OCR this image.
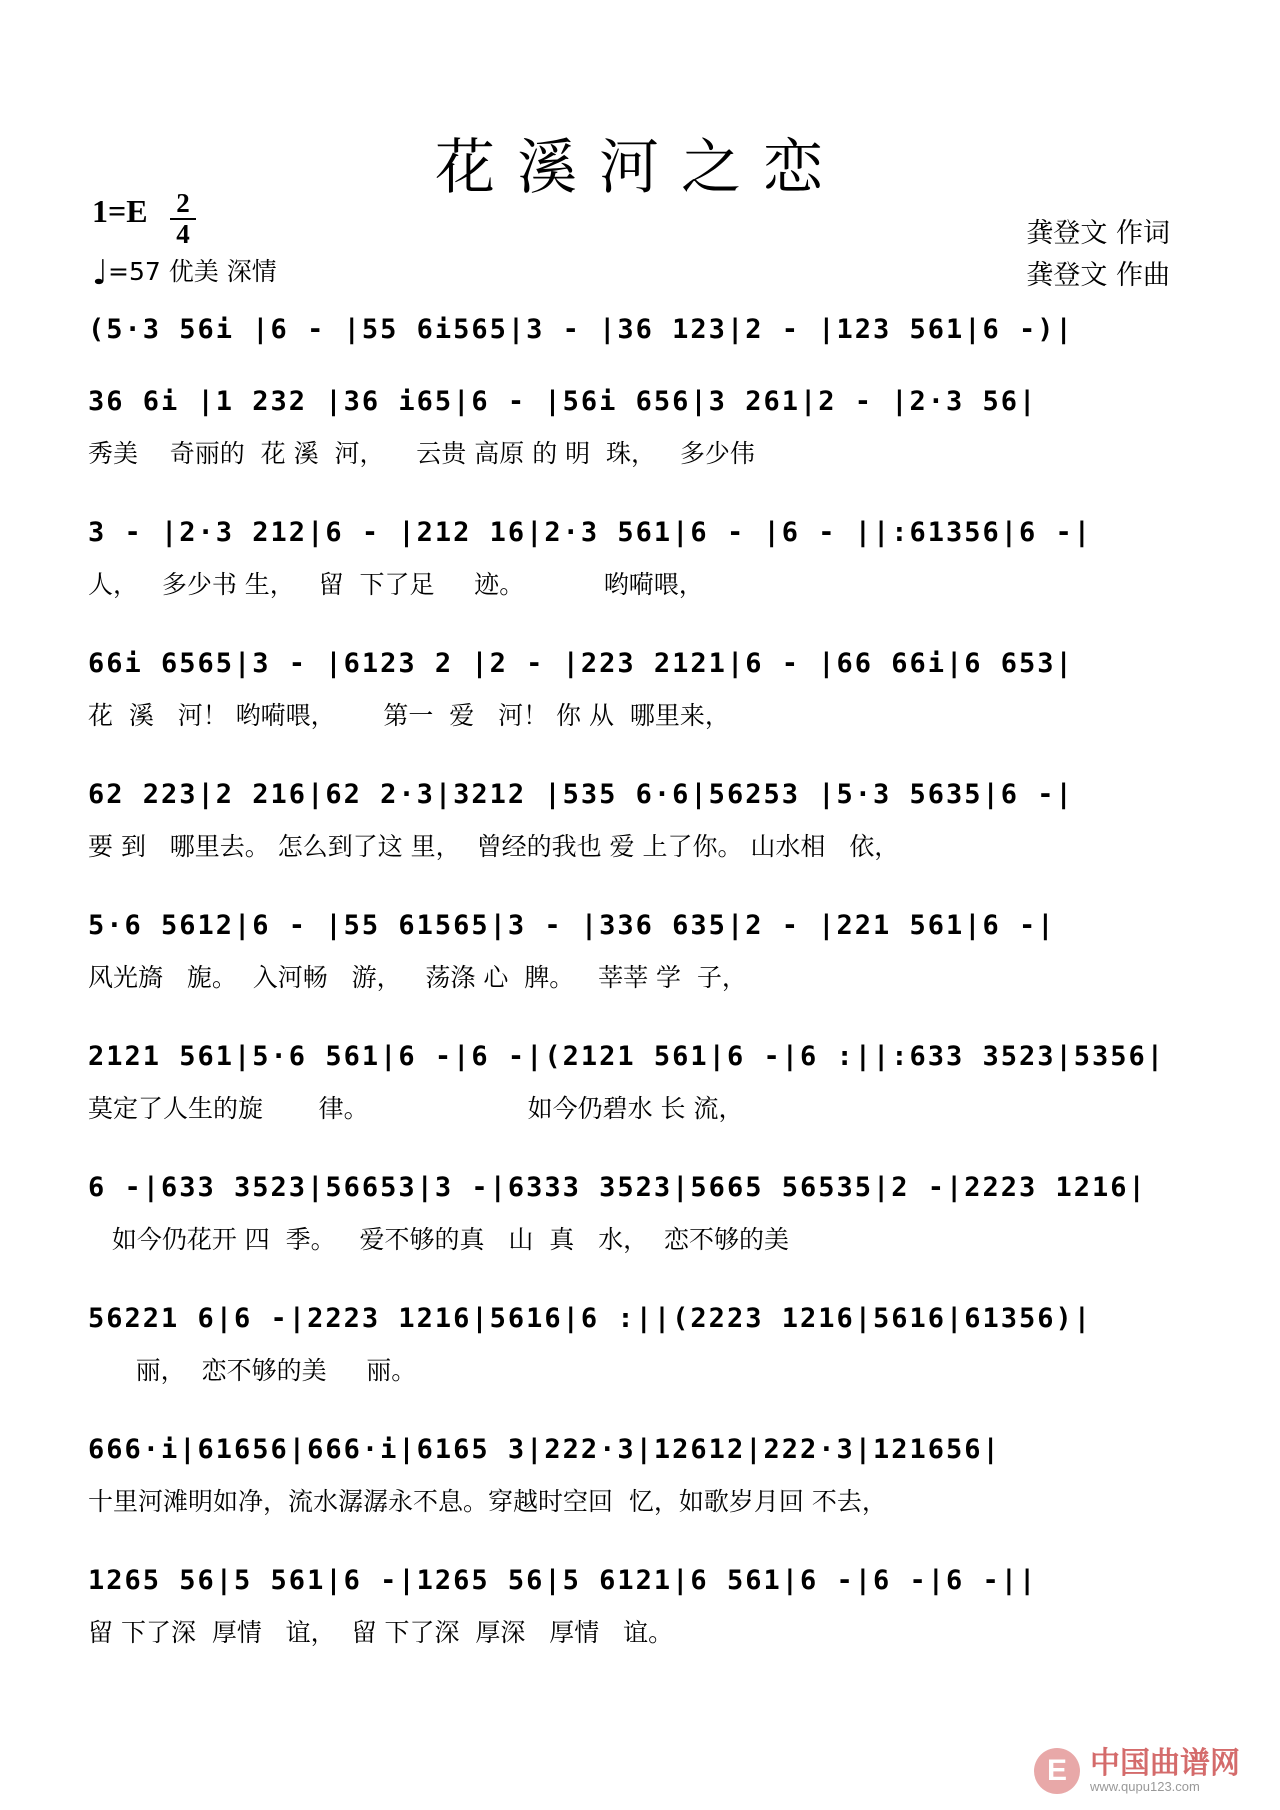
花溪河之恋
1=E 2
4
♩=57 优美 深情
龚登文 作词
龚登文 作曲
(5·3 56i |6 - |55 6i565|3 - |36 123|2 - |123 561|6 -)|
36 6i |1 232 |36 i65|6 - |56i 656|3 261|2 - |2·3 56|
秀美    奇丽的  花 溪  河，    云贵 高原 的 明  珠，   多少伟
3 - |2·3 212|6 - |212 16|2·3 561|6 - |6 - ||:61356|6 -|
人，   多少书 生，   留  下了足     迹。          哟嗬喂，
66i 6565|3 - |6123 2 |2 - |223 2121|6 - |66 66i|6 653|
花  溪   河！ 哟嗬喂，      第一  爱   河！ 你 从  哪里来，
62 223|2 216|62 2·3|3212 |535 6·6|56253 |5·3 5635|6 -|
要 到   哪里去。 怎么到了这 里，  曾经的我也 爱 上了你。 山水相   依，
5·6 5612|6 - |55 61565|3 - |336 635|2 - |221 561|6 -|
风光旖   旎。  入河畅   游，   荡涤 心  脾。   莘莘 学  子，
2121 561|5·6 561|6 -|6 -|(2121 561|6 -|6 :||:633 3523|5356|
莫定了人生的旋       律。                    如今仍碧水 长 流，
6 -|633 3523|56653|3 -|6333 3523|5665 56535|2 -|2223 1216|
如今仍花开 四  季。   爱不够的真   山  真   水，  恋不够的美
56221 6|6 -|2223 1216|5616|6 :||(2223 1216|5616|61356)|
丽，  恋不够的美     丽。
666·i|61656|666·i|6165 3|222·3|12612|222·3|121656|
十里河滩明如净，流水潺潺永不息。穿越时空回  忆，如歌岁月回 不去，
1265 56|5 561|6 -|1265 56|5 6121|6 561|6 -|6 -|6 -||
留 下了深  厚情   谊，  留 下了深  厚深   厚情   谊。
E 中国曲谱网
www.qupu123.com
